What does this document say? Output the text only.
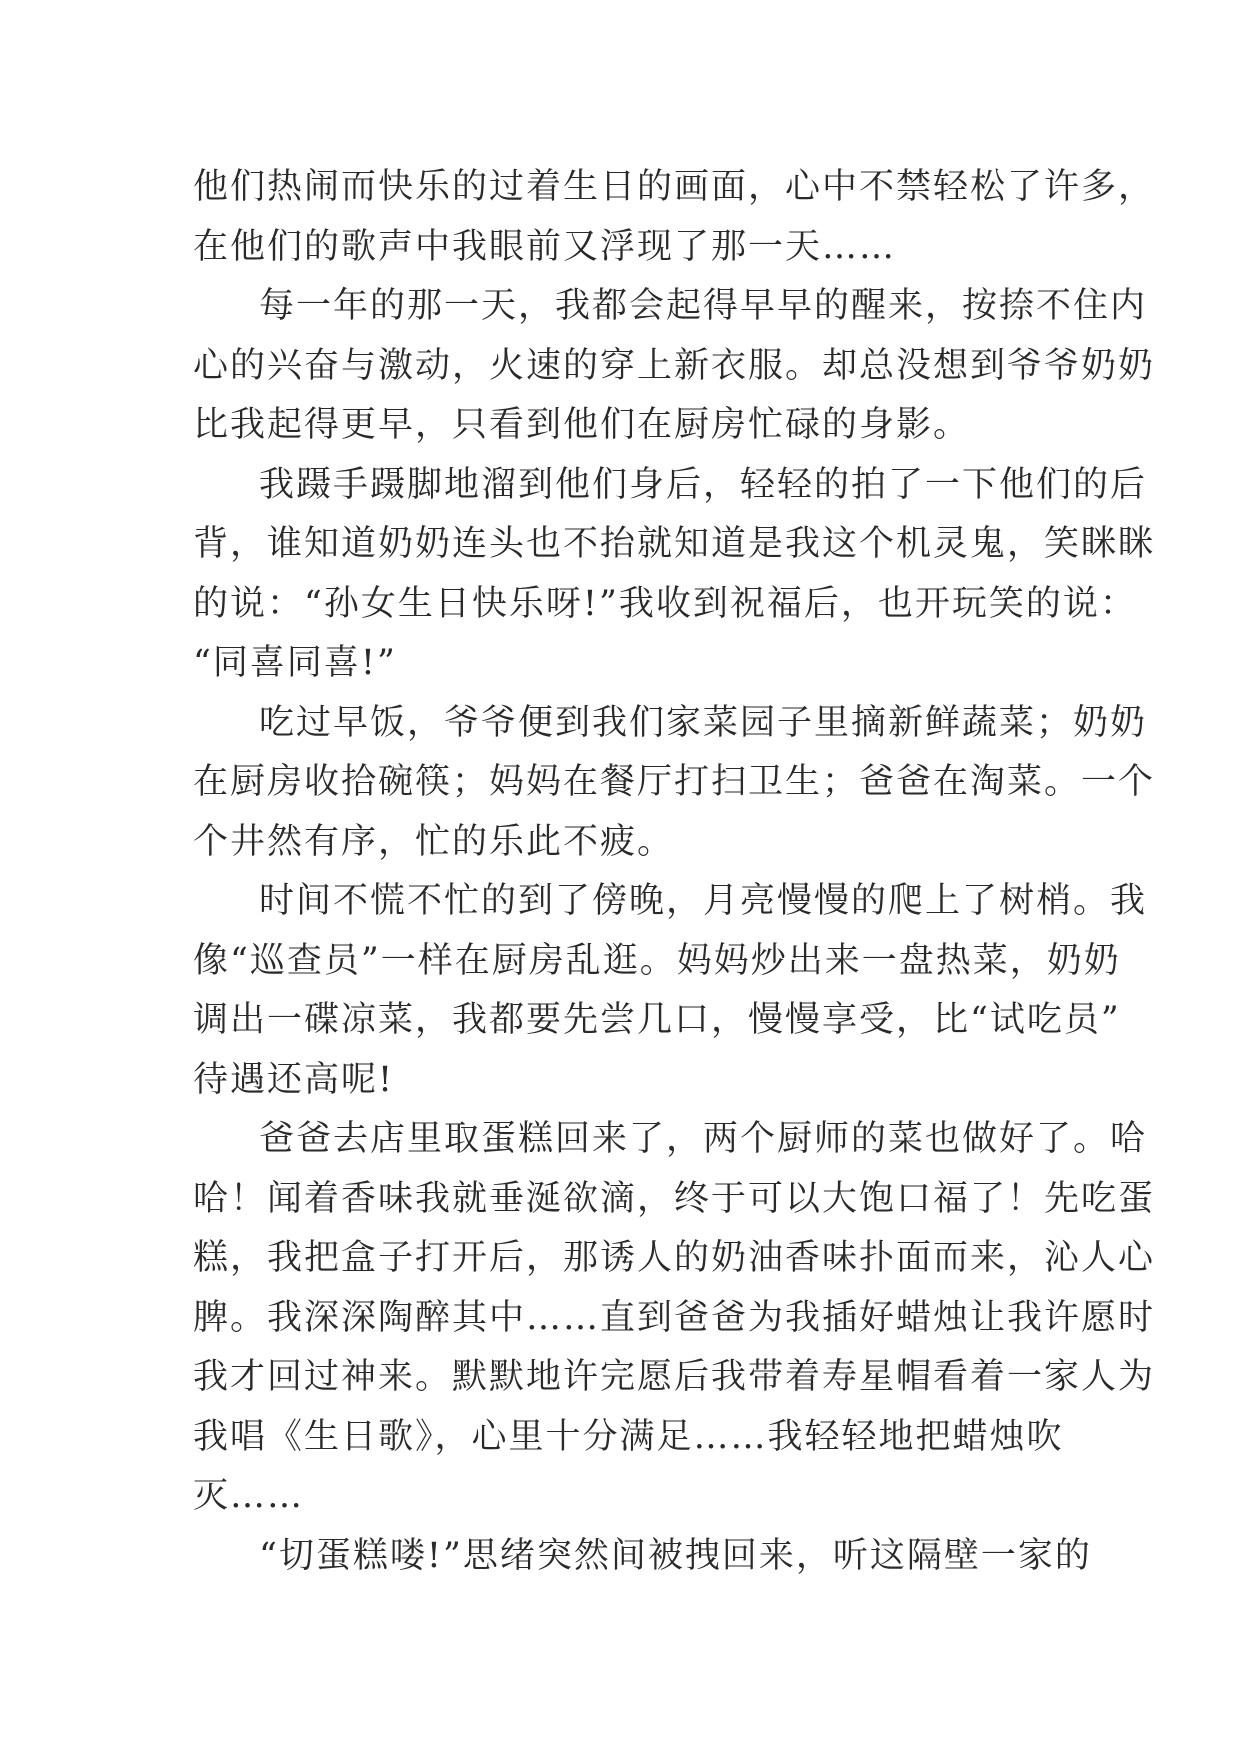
他们热闹而快乐的过着生日的画面，心中不禁轻松了许多，
在他们的歌声中我眼前又浮现了那一天……
每一年的那一天，我都会起得早早的醒来，按捺不住内
心的兴奋与激动，火速的穿上新衣服。却总没想到爷爷奶奶
比我起得更早，只看到他们在厨房忙碌的身影。
我蹑手蹑脚地溜到他们身后，轻轻的拍了一下他们的后
背，谁知道奶奶连头也不抬就知道是我这个机灵鬼，笑眯眯
的说：“孙女生日快乐呀!”我收到祝福后，也开玩笑的说：
“同喜同喜!”
吃过早饭，爷爷便到我们家菜园子里摘新鲜蔬菜；奶奶
在厨房收拾碗筷；妈妈在餐厅打扫卫生；爸爸在淘菜。一个
个井然有序，忙的乐此不疲。
时间不慌不忙的到了傍晚，月亮慢慢的爬上了树梢。我
像“巡查员”一样在厨房乱逛。妈妈炒出来一盘热菜，奶奶
调出一碟凉菜，我都要先尝几口，慢慢享受，比“试吃员”
待遇还高呢!
爸爸去店里取蛋糕回来了，两个厨师的菜也做好了。哈
哈！闻着香味我就垂涎欲滴，终于可以大饱口福了！先吃蛋
糕，我把盒子打开后，那诱人的奶油香味扑面而来，沁人心
脾。我深深陶醉其中……直到爸爸为我插好蜡烛让我许愿时
我才回过神来。默默地许完愿后我带着寿星帽看着一家人为
我唱《生日歌》，心里十分满足……我轻轻地把蜡烛吹
灭……
“切蛋糕喽!”思绪突然间被拽回来，听这隔壁一家的
